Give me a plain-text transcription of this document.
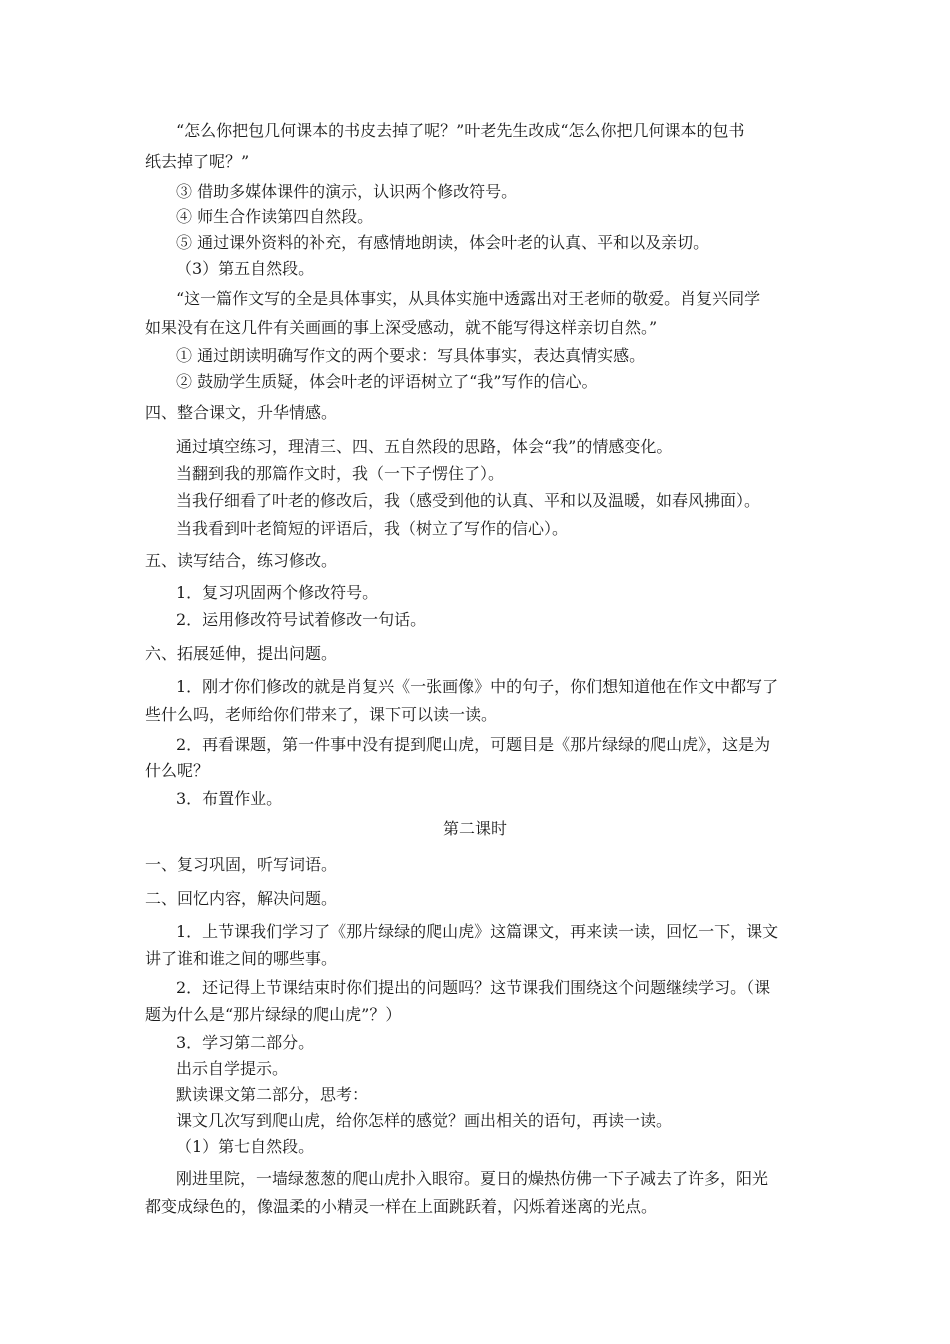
“怎么你把包几何课本的书皮去掉了呢？”叶老先生改成“怎么你把几何课本的包书
纸去掉了呢？”
③ 借助多媒体课件的演示，认识两个修改符号。
④ 师生合作读第四自然段。
⑤ 通过课外资料的补充，有感情地朗读，体会叶老的认真、平和以及亲切。
（3）第五自然段。
“这一篇作文写的全是具体事实，从具体实施中透露出对王老师的敬爱。肖复兴同学
如果没有在这几件有关画画的事上深受感动，就不能写得这样亲切自然。”
① 通过朗读明确写作文的两个要求：写具体事实，表达真情实感。
② 鼓励学生质疑，体会叶老的评语树立了“我”写作的信心。
四、整合课文，升华情感。
通过填空练习，理清三、四、五自然段的思路，体会“我”的情感变化。
当翻到我的那篇作文时，我（一下子愣住了）。
当我仔细看了叶老的修改后，我（感受到他的认真、平和以及温暖，如春风拂面）。
当我看到叶老简短的评语后，我（树立了写作的信心）。
五、读写结合，练习修改。
1．复习巩固两个修改符号。
2．运用修改符号试着修改一句话。
六、拓展延伸，提出问题。
1．刚才你们修改的就是肖复兴《一张画像》中的句子，你们想知道他在作文中都写了
些什么吗，老师给你们带来了，课下可以读一读。
2．再看课题，第一件事中没有提到爬山虎，可题目是《那片绿绿的爬山虎》，这是为
什么呢？
3．布置作业。
第二课时
一、复习巩固，听写词语。
二、回忆内容，解决问题。
1．上节课我们学习了《那片绿绿的爬山虎》这篇课文，再来读一读，回忆一下，课文
讲了谁和谁之间的哪些事。
2．还记得上节课结束时你们提出的问题吗？这节课我们围绕这个问题继续学习。（课
题为什么是“那片绿绿的爬山虎”？）
3．学习第二部分。
出示自学提示。
默读课文第二部分，思考：
课文几次写到爬山虎，给你怎样的感觉？画出相关的语句，再读一读。
（1）第七自然段。
刚进里院，一墙绿葱葱的爬山虎扑入眼帘。夏日的燥热仿佛一下子减去了许多，阳光
都变成绿色的，像温柔的小精灵一样在上面跳跃着，闪烁着迷离的光点。
